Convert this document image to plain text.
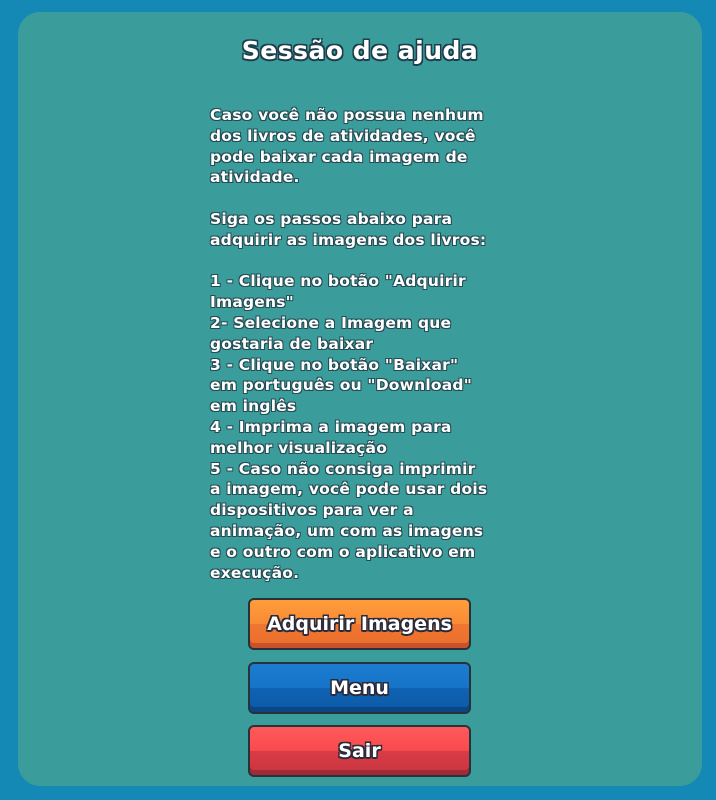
Sessão de ajuda
Caso você não possua nenhum
dos livros de atividades, você
pode baixar cada imagem de
atividade.

Siga os passos abaixo para
adquirir as imagens dos livros:

1 - Clique no botão "Adquirir
Imagens"
2- Selecione a Imagem que
gostaria de baixar
3 - Clique no botão "Baixar"
em português ou "Download"
em inglês
4 - Imprima a imagem para
melhor visualização
5 - Caso não consiga imprimir
a imagem, você pode usar dois
dispositivos para ver a
animação, um com as imagens
e o outro com o aplicativo em
execução.
Adquirir Imagens
Menu
Sair
